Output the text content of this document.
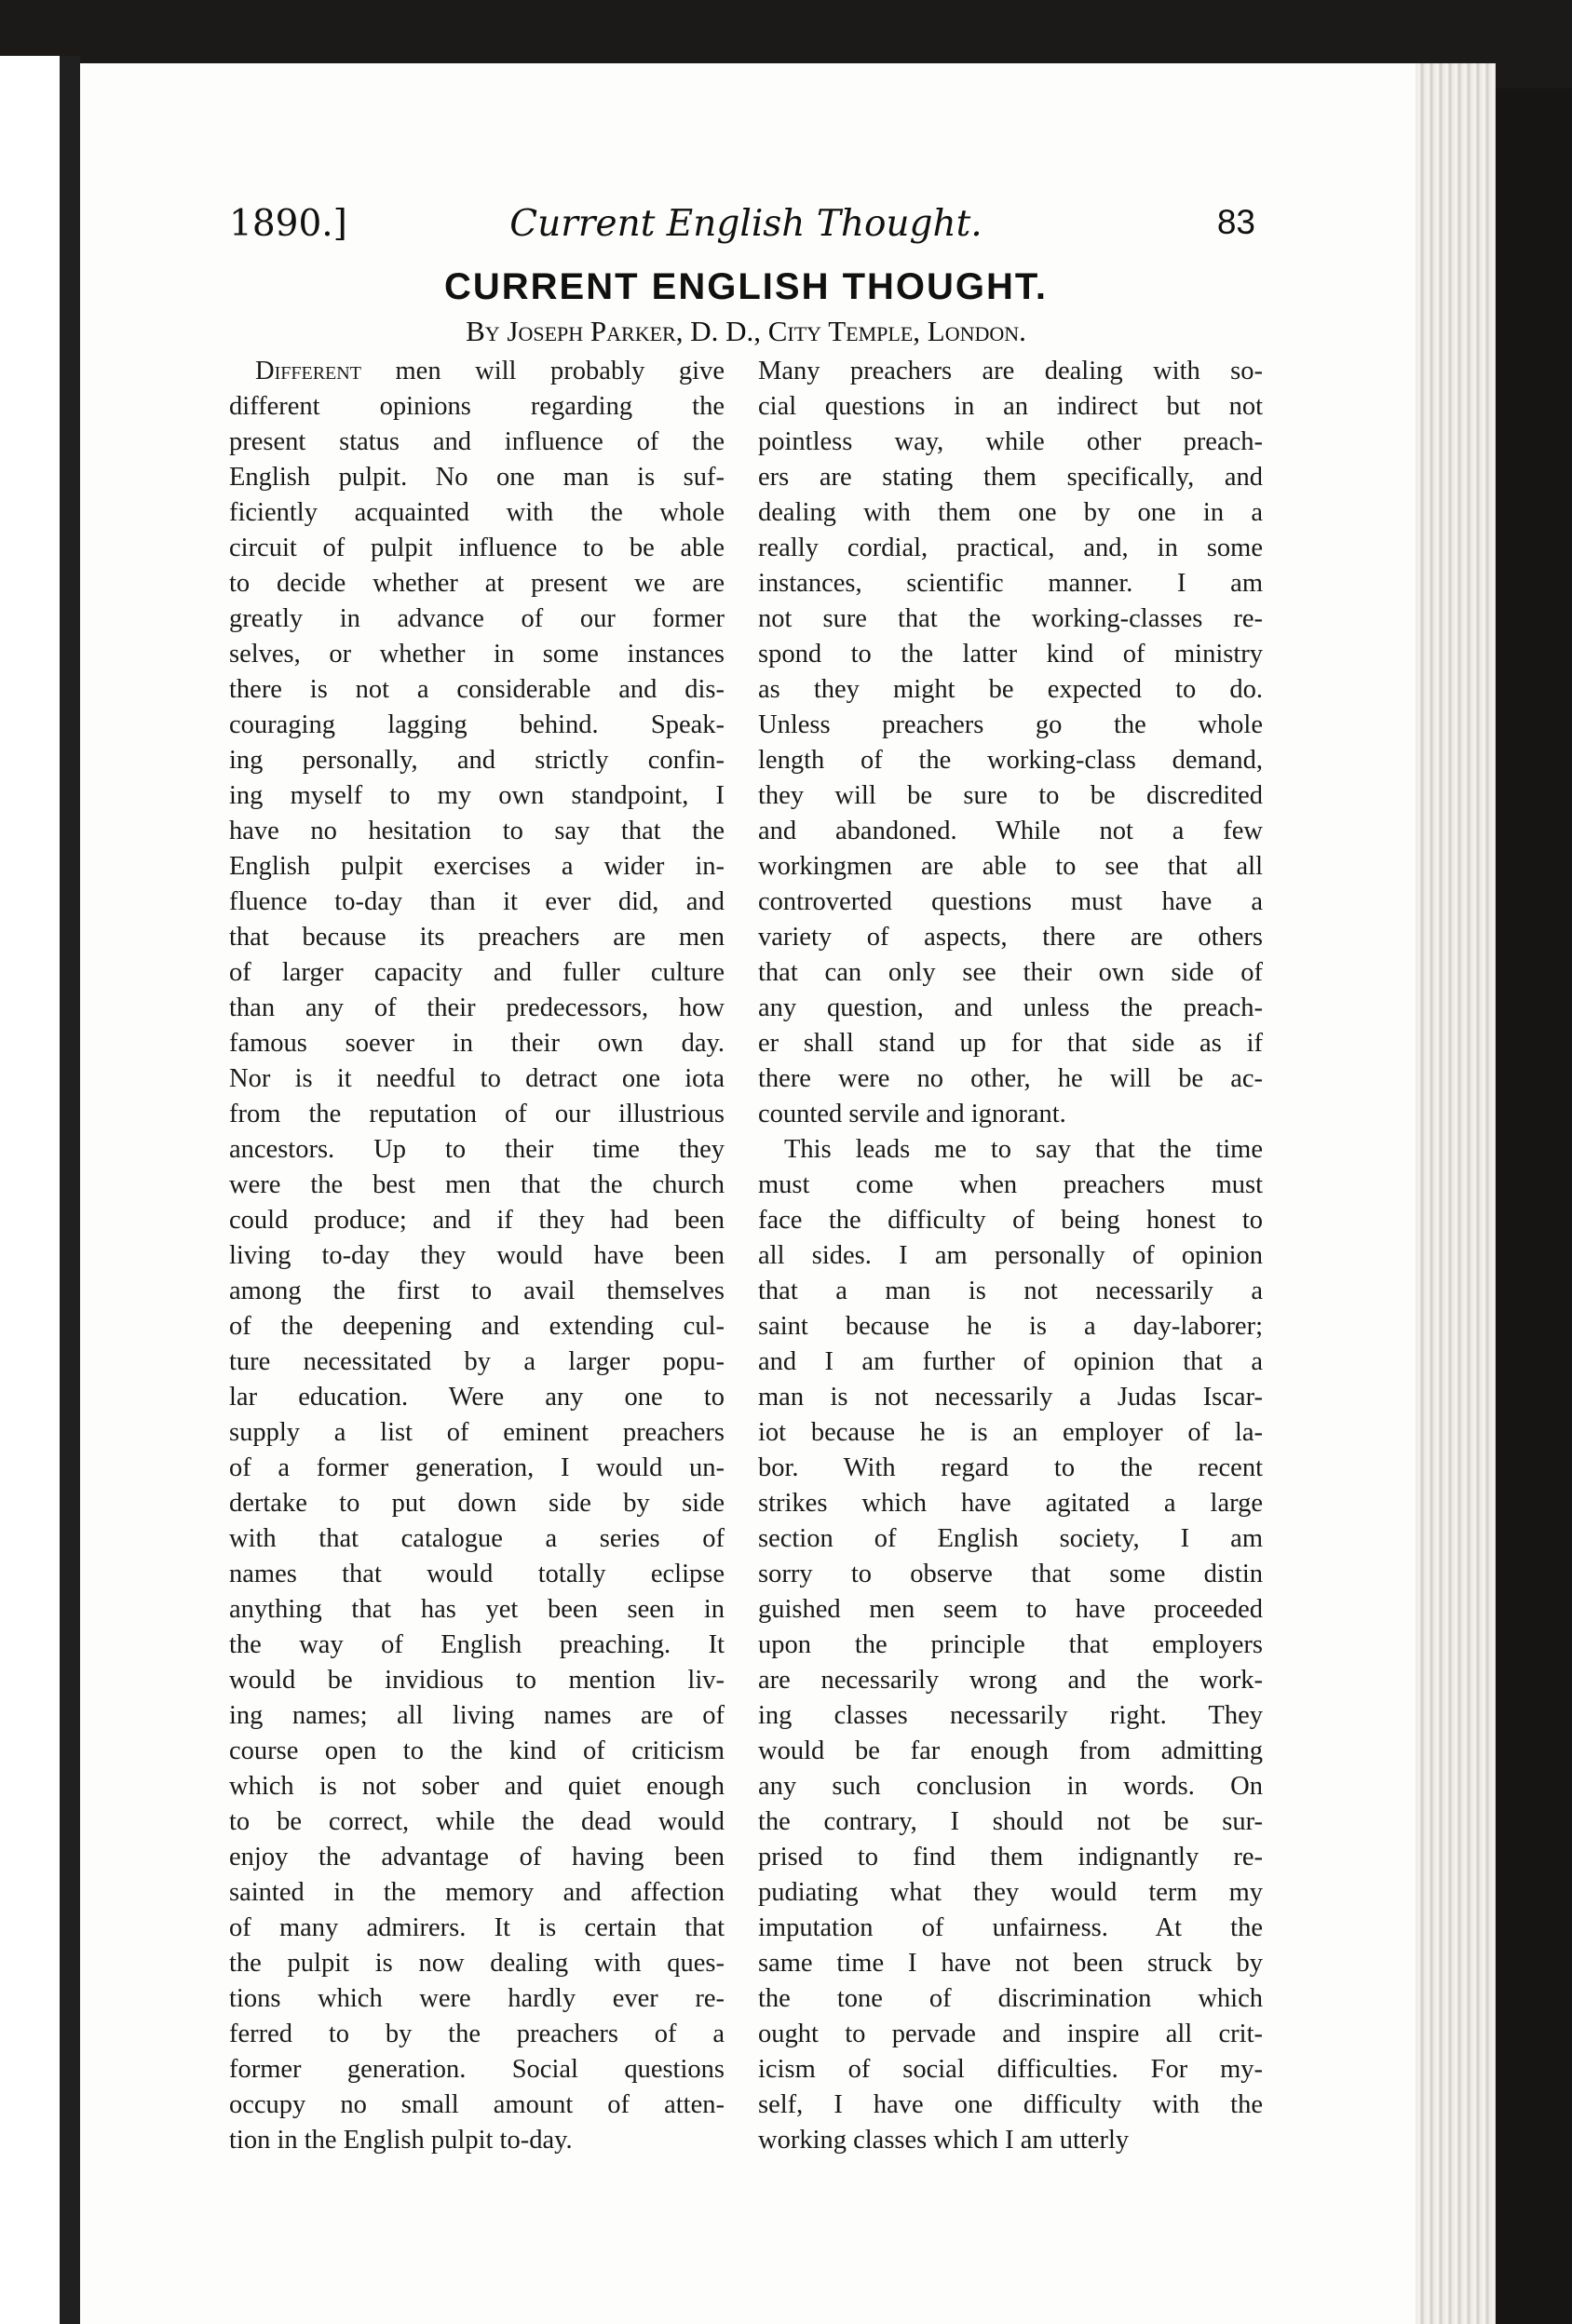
1890.]	Current English Thought.	83
CURRENT ENGLISH THOUGHT.
By Joseph Parker, D. D., City Temple, London.
Different men will probably give
different opinions regarding the
present status and influence of the
English pulpit. No one man is suf-
ficiently acquainted with the whole
circuit of pulpit influence to be able
to decide whether at present we are
greatly in advance of our former
selves, or whether in some instances
there is not a considerable and dis-
couraging lagging behind. Speak-
ing personally, and strictly confin-
ing myself to my own standpoint, I
have no hesitation to say that the
English pulpit exercises a wider in-
fluence to-day than it ever did, and
that because its preachers are men
of larger capacity and fuller culture
than any of their predecessors, how
famous soever in their own day.
Nor is it needful to detract one iota
from the reputation of our illustrious
ancestors. Up to their time they
were the best men that the church
could produce; and if they had been
living to-day they would have been
among the first to avail themselves
of the deepening and extending cul-
ture necessitated by a larger popu-
lar education. Were any one to
supply a list of eminent preachers
of a former generation, I would un-
dertake to put down side by side
with that catalogue a series of
names that would totally eclipse
anything that has yet been seen in
the way of English preaching. It
would be invidious to mention liv-
ing names; all living names are of
course open to the kind of criticism
which is not sober and quiet enough
to be correct, while the dead would
enjoy the advantage of having been
sainted in the memory and affection
of many admirers. It is certain that
the pulpit is now dealing with ques-
tions which were hardly ever re-
ferred to by the preachers of a
former generation. Social questions
occupy no small amount of atten-
tion in the English pulpit to-day.
Many preachers are dealing with so-
cial questions in an indirect but not
pointless way, while other preach-
ers are stating them specifically, and
dealing with them one by one in a
really cordial, practical, and, in some
instances, scientific manner. I am
not sure that the working-classes re-
spond to the latter kind of ministry
as they might be expected to do.
Unless preachers go the whole
length of the working-class demand,
they will be sure to be discredited
and abandoned. While not a few
workingmen are able to see that all
controverted questions must have a
variety of aspects, there are others
that can only see their own side of
any question, and unless the preach-
er shall stand up for that side as if
there were no other, he will be ac-
counted servile and ignorant.
This leads me to say that the time
must come when preachers must
face the difficulty of being honest to
all sides. I am personally of opinion
that a man is not necessarily a
saint because he is a day-laborer;
and I am further of opinion that a
man is not necessarily a Judas Iscar-
iot because he is an employer of la-
bor. With regard to the recent
strikes which have agitated a large
section of English society, I am
sorry to observe that some distin
guished men seem to have proceeded
upon the principle that employers
are necessarily wrong and the work-
ing classes necessarily right. They
would be far enough from admitting
any such conclusion in words. On
the contrary, I should not be sur-
prised to find them indignantly re-
pudiating what they would term my
imputation of unfairness. At the
same time I have not been struck by
the tone of discrimination which
ought to pervade and inspire all crit-
icism of social difficulties. For my-
self, I have one difficulty with the
working classes which I am utterly
